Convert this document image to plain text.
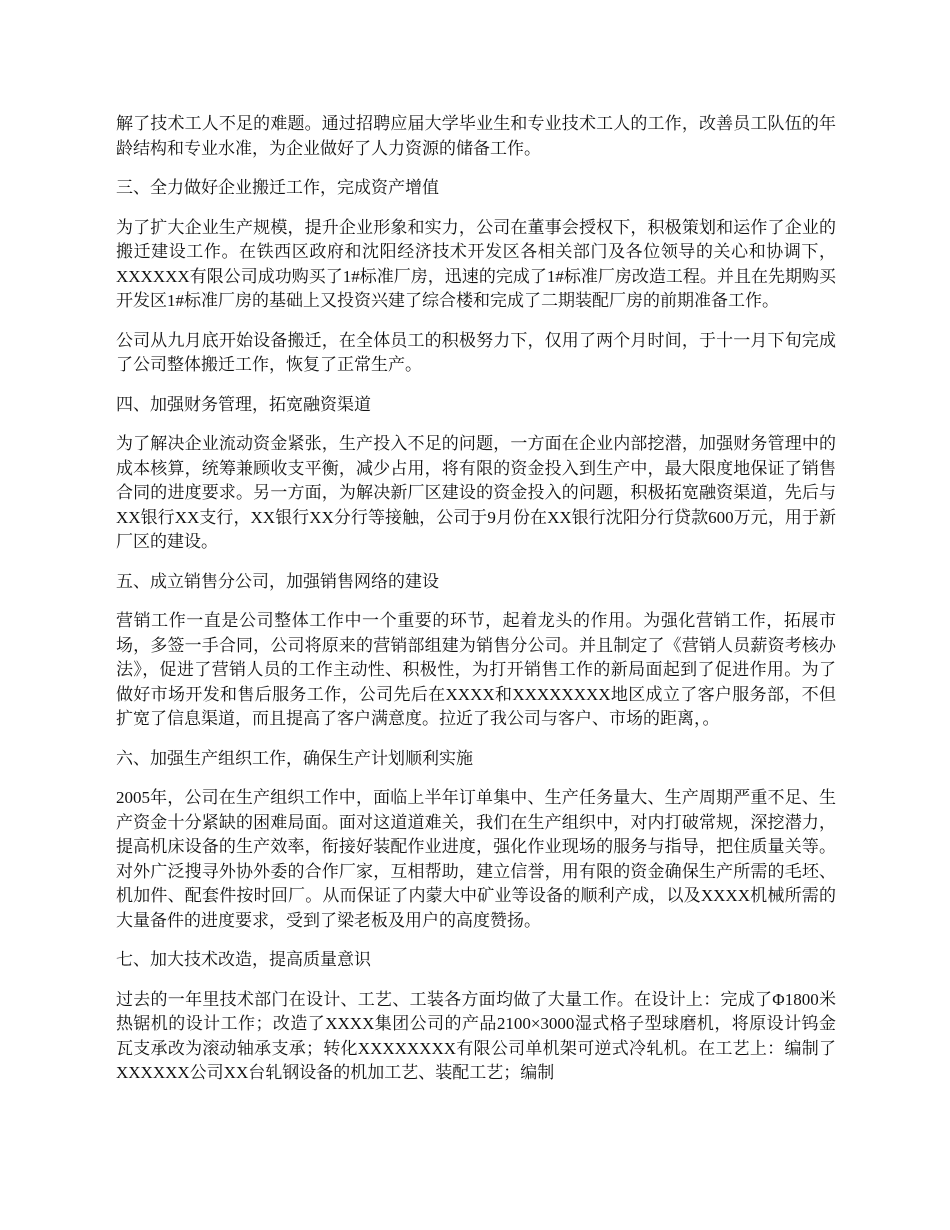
解了技术工人不足的难题。通过招聘应届大学毕业生和专业技术工人的工作，改善员工队伍的年龄结构和专业水准，为企业做好了人力资源的储备工作。

三、全力做好企业搬迁工作，完成资产增值

为了扩大企业生产规模，提升企业形象和实力，公司在董事会授权下，积极策划和运作了企业的搬迁建设工作。在铁西区政府和沈阳经济技术开发区各相关部门及各位领导的关心和协调下，XXXXXX有限公司成功购买了1#标准厂房，迅速的完成了1#标准厂房改造工程。并且在先期购买开发区1#标准厂房的基础上又投资兴建了综合楼和完成了二期装配厂房的前期准备工作。

公司从九月底开始设备搬迁，在全体员工的积极努力下，仅用了两个月时间，于十一月下旬完成了公司整体搬迁工作，恢复了正常生产。

四、加强财务管理，拓宽融资渠道

为了解决企业流动资金紧张，生产投入不足的问题，一方面在企业内部挖潜，加强财务管理中的成本核算，统筹兼顾收支平衡，减少占用，将有限的资金投入到生产中，最大限度地保证了销售合同的进度要求。另一方面，为解决新厂区建设的资金投入的问题，积极拓宽融资渠道，先后与XX银行XX支行，XX银行XX分行等接触，公司于9月份在XX银行沈阳分行贷款600万元，用于新厂区的建设。

五、成立销售分公司，加强销售网络的建设

营销工作一直是公司整体工作中一个重要的环节，起着龙头的作用。为强化营销工作，拓展市场，多签一手合同，公司将原来的营销部组建为销售分公司。并且制定了《营销人员薪资考核办法》，促进了营销人员的工作主动性、积极性，为打开销售工作的新局面起到了促进作用。为了做好市场开发和售后服务工作，公司先后在XXXX和XXXXXXXX地区成立了客户服务部，不但扩宽了信息渠道，而且提高了客户满意度。拉近了我公司与客户、市场的距离，。

六、加强生产组织工作，确保生产计划顺利实施

2005年，公司在生产组织工作中，面临上半年订单集中、生产任务量大、生产周期严重不足、生产资金十分紧缺的困难局面。面对这道道难关，我们在生产组织中，对内打破常规，深挖潜力，提高机床设备的生产效率，衔接好装配作业进度，强化作业现场的服务与指导，把住质量关等。对外广泛搜寻外协外委的合作厂家，互相帮助，建立信誉，用有限的资金确保生产所需的毛坯、机加件、配套件按时回厂。从而保证了内蒙大中矿业等设备的顺利产成，以及XXXX机械所需的大量备件的进度要求，受到了梁老板及用户的高度赞扬。

七、加大技术改造，提高质量意识

过去的一年里技术部门在设计、工艺、工装各方面均做了大量工作。在设计上：完成了Φ1800米热锯机的设计工作；改造了XXXX集团公司的产品2100×3000湿式格子型球磨机，将原设计钨金瓦支承改为滚动轴承支承；转化XXXXXXXX有限公司单机架可逆式冷轧机。在工艺上：编制了XXXXXX公司XX台轧钢设备的机加工艺、装配工艺；编制
